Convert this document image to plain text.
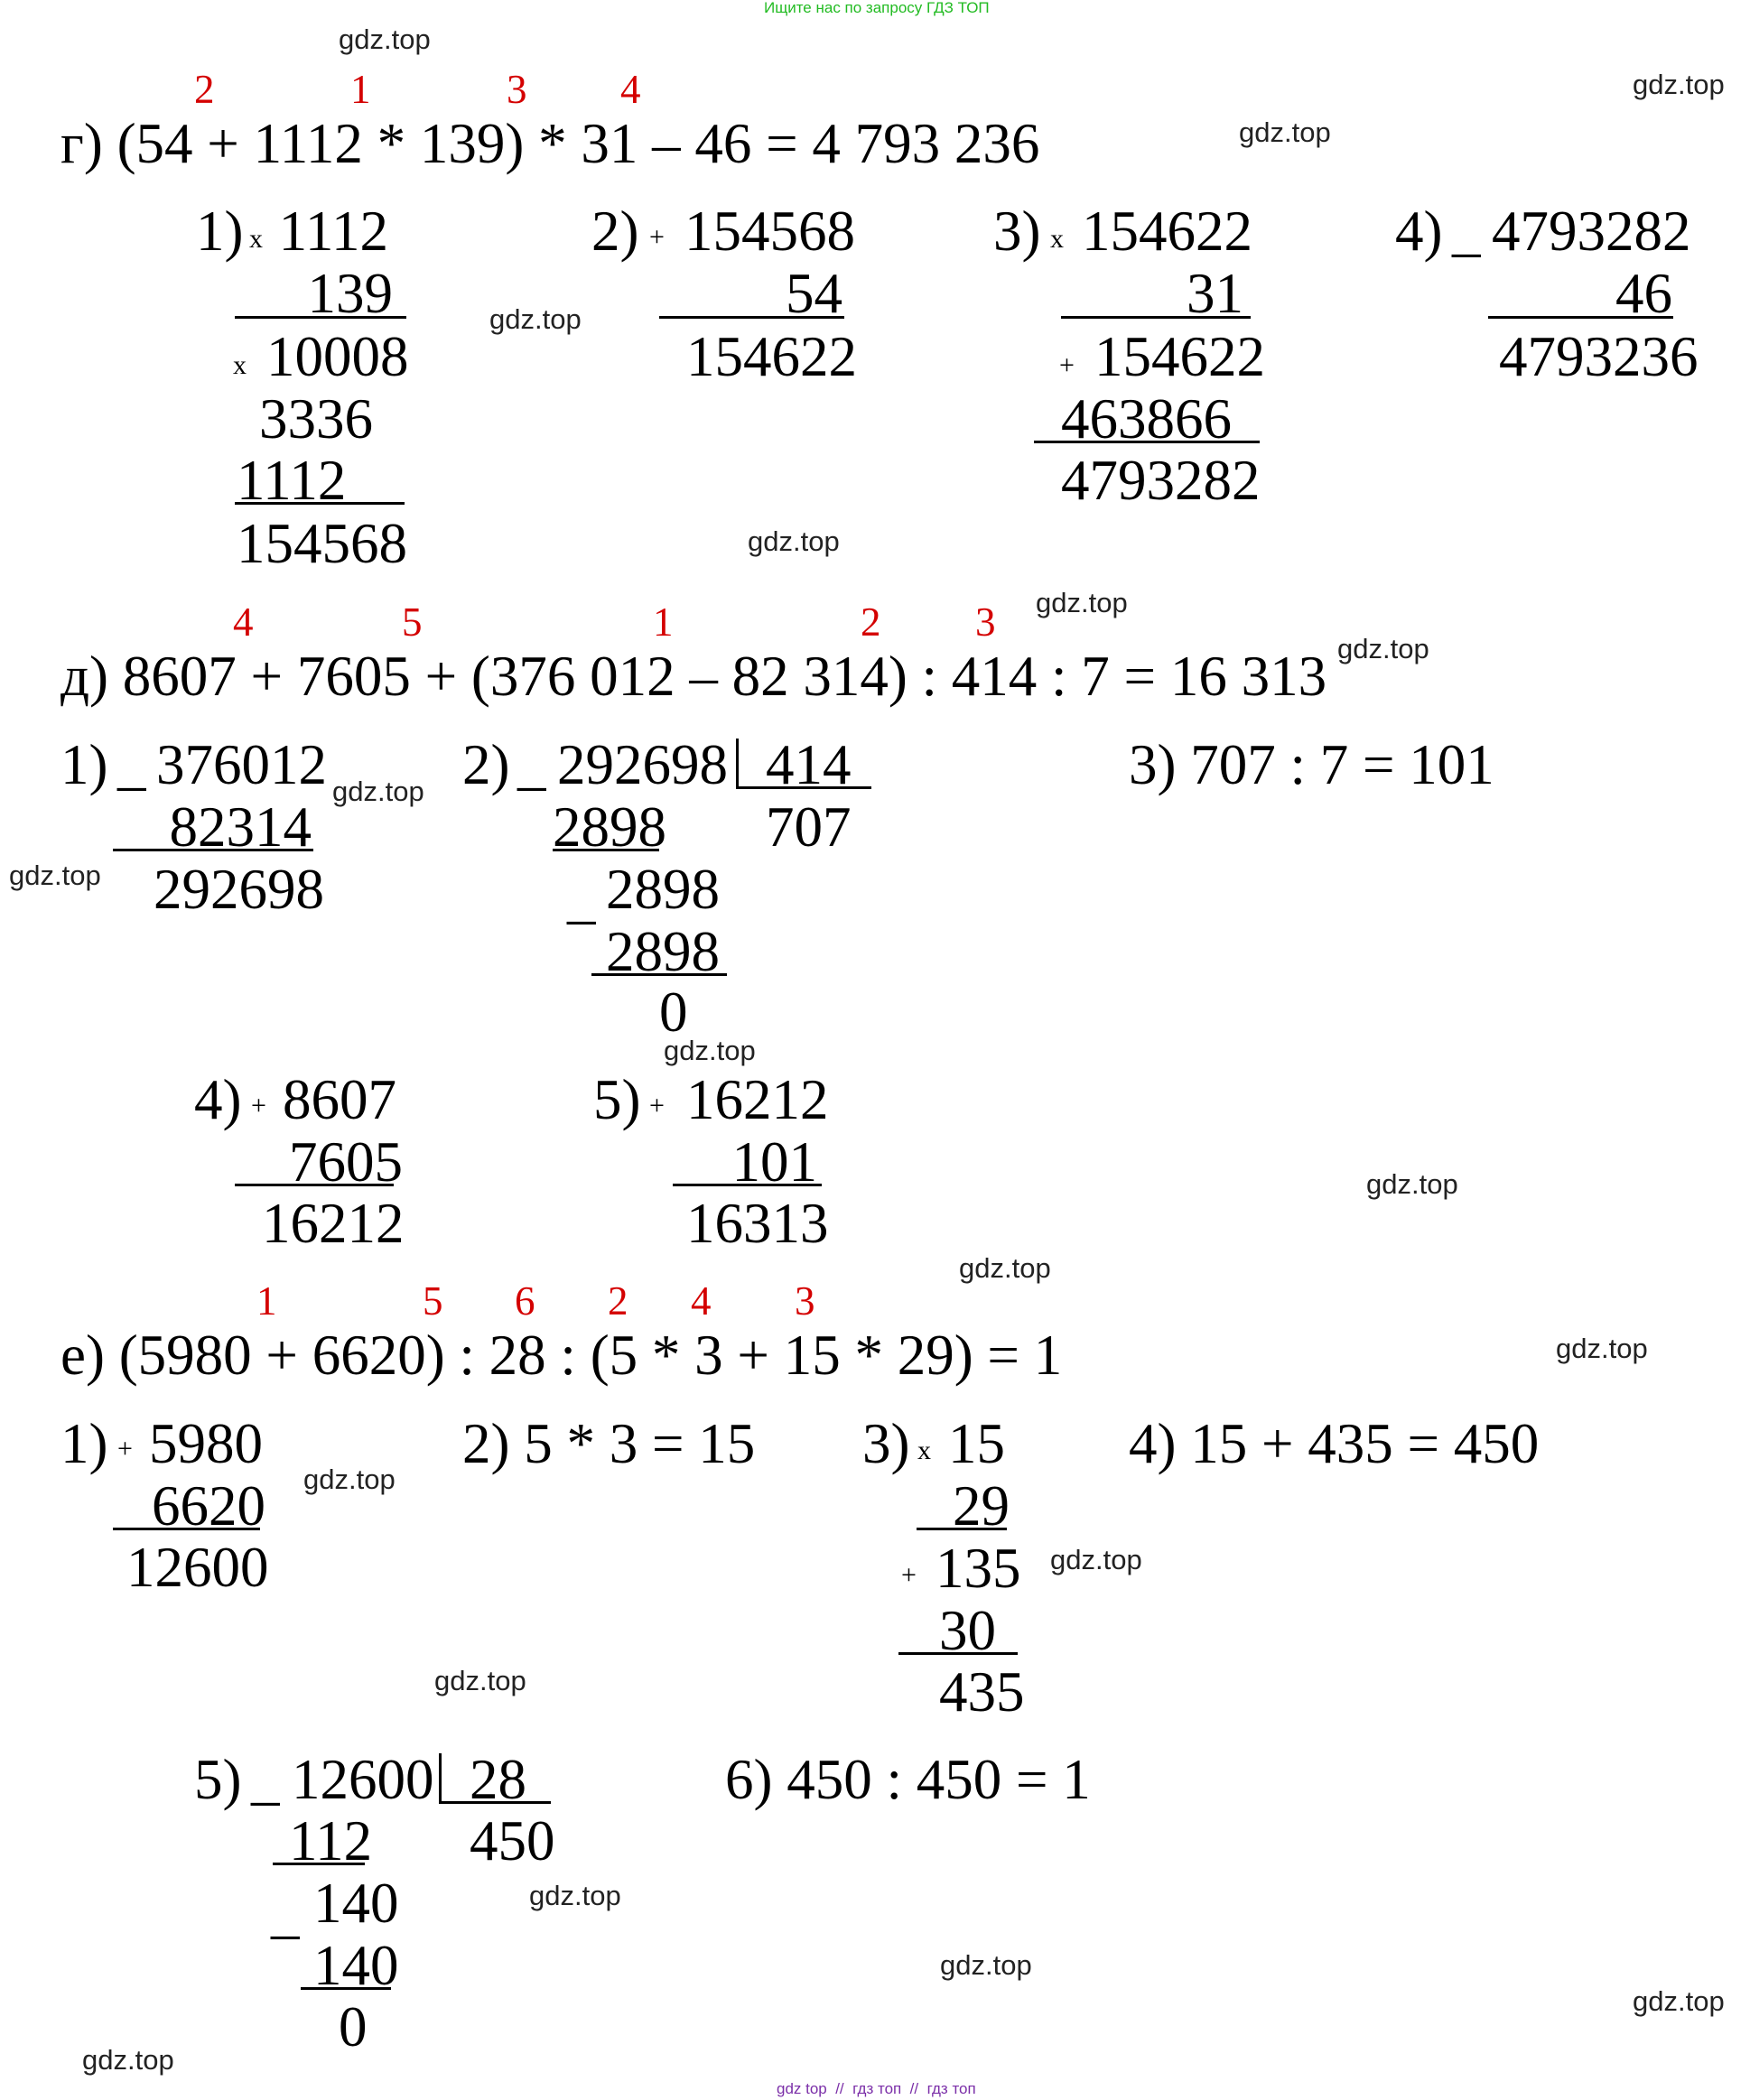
Ищите нас по запросу ГДЗ ТОП
gdz top  //  гдз топ  //  гдз топ
gdz.top
gdz.top
gdz.top
gdz.top
gdz.top
gdz.top
gdz.top
gdz.top
gdz.top
gdz.top
gdz.top
gdz.top
gdz.top
gdz.top
gdz.top
gdz.top
gdz.top
gdz.top
gdz.top
gdz.top
2	1	3 4
г) (54 + 1112 * 139) * 31 – 46 = 4 793 236
1) х 1112
139
х 10008
3336
1112
154568
2) + 154568
54
154622
3) х 154622
31
+ 154622
463866
4793282
4) _ 4793282
46
4793236
4	5	1	2 3
д) 8607 + 7605 + (376 012 – 82 314) : 414 : 7 = 16 313
1) _ 376012
82314
292698
2) _ 292698 414
707
2898
_ 2898
2898
0
3) 707 : 7 = 101
4) + 8607
7605
16212
5) + 16212
101
16313
1	5 6 2 4 3
е) (5980 + 6620) : 28 : (5 * 3 + 15 * 29) = 1
1) + 5980
6620
12600
2) 5 * 3 = 15 3) х 15
29
+ 135
30
435
4) 15 + 435 = 450
5) _ 12600 28
450
112
_ 140
140
0
6) 450 : 450 = 1
